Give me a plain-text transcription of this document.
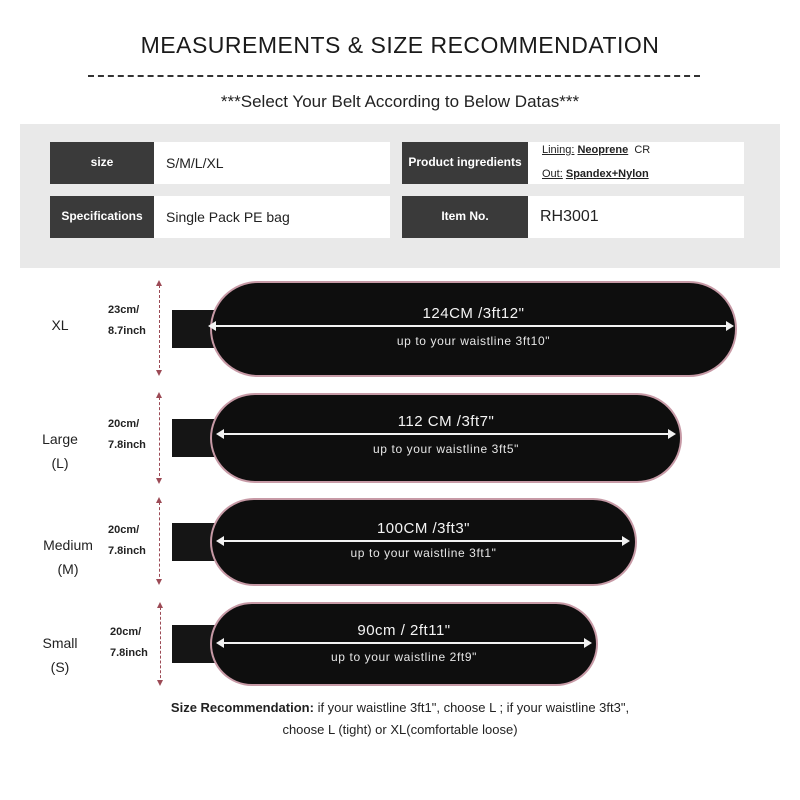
MEASUREMENTS & SIZE RECOMMENDATION
***Select Your Belt According to Below Datas***
size	S/M/L/XL
Specifications	Single Pack PE bag
Product ingredients
Lining: Neoprene CR
Out: Spandex+Nylon
Item No.	RH3001
XL
23cm/
8.7inch
124CM /3ft12"
up to your waistline 3ft10"
Large
(L)
20cm/
7.8inch
112 CM /3ft7"
up to your waistline 3ft5"
Medium
(M)
20cm/
7.8inch
100CM /3ft3"
up to your waistline 3ft1"
Small
(S)
20cm/
7.8inch
90cm / 2ft11"
up to your waistline 2ft9"
Size Recommendation: if your waistline 3ft1", choose L ; if your waistline 3ft3",
choose L (tight) or XL(comfortable loose)
